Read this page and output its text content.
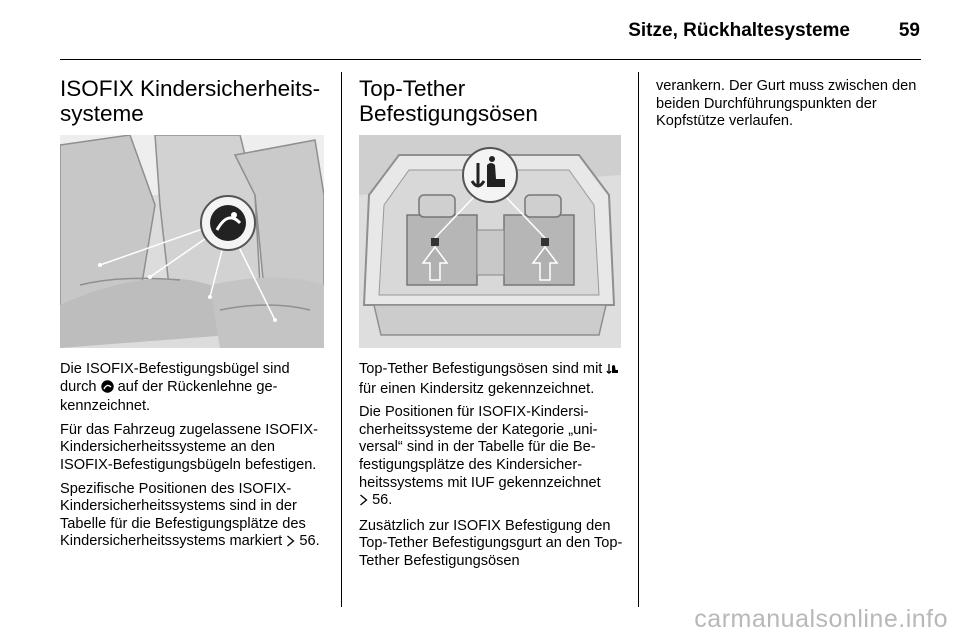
Sitze, Rückhaltesysteme	59
ISOFIX Kindersicherheitssysteme

Die ISOFIX-Befestigungsbügel sind durch  auf der Rückenlehne gekennzeichnet.

Für das Fahrzeug zugelassene ISOFIX-Kindersicherheitssysteme an den ISOFIX-Befestigungsbügeln befestigen.

Spezifische Positionen des ISOFIX-Kindersicherheitssystems sind in der Tabelle für die Befestigungsplätze des Kindersicherheitssystems markiert  56.

Top-Tether Befestigungsösen

Top-Tether Befestigungsösen sind mit  für einen Kindersitz gekennzeichnet.

Die Positionen für ISOFIX-Kindersicherheitssysteme der Kategorie „universal“ sind in der Tabelle für die Befestigungsplätze des Kindersicherheitssystems mit IUF gekennzeichnet
56.

Zusätzlich zur ISOFIX Befestigung den Top-Tether Befestigungsgurt an den Top-Tether Befestigungsösen

verankern. Der Gurt muss zwischen den beiden Durchführungspunkten der Kopfstütze verlaufen.

carmanualsonline.info
